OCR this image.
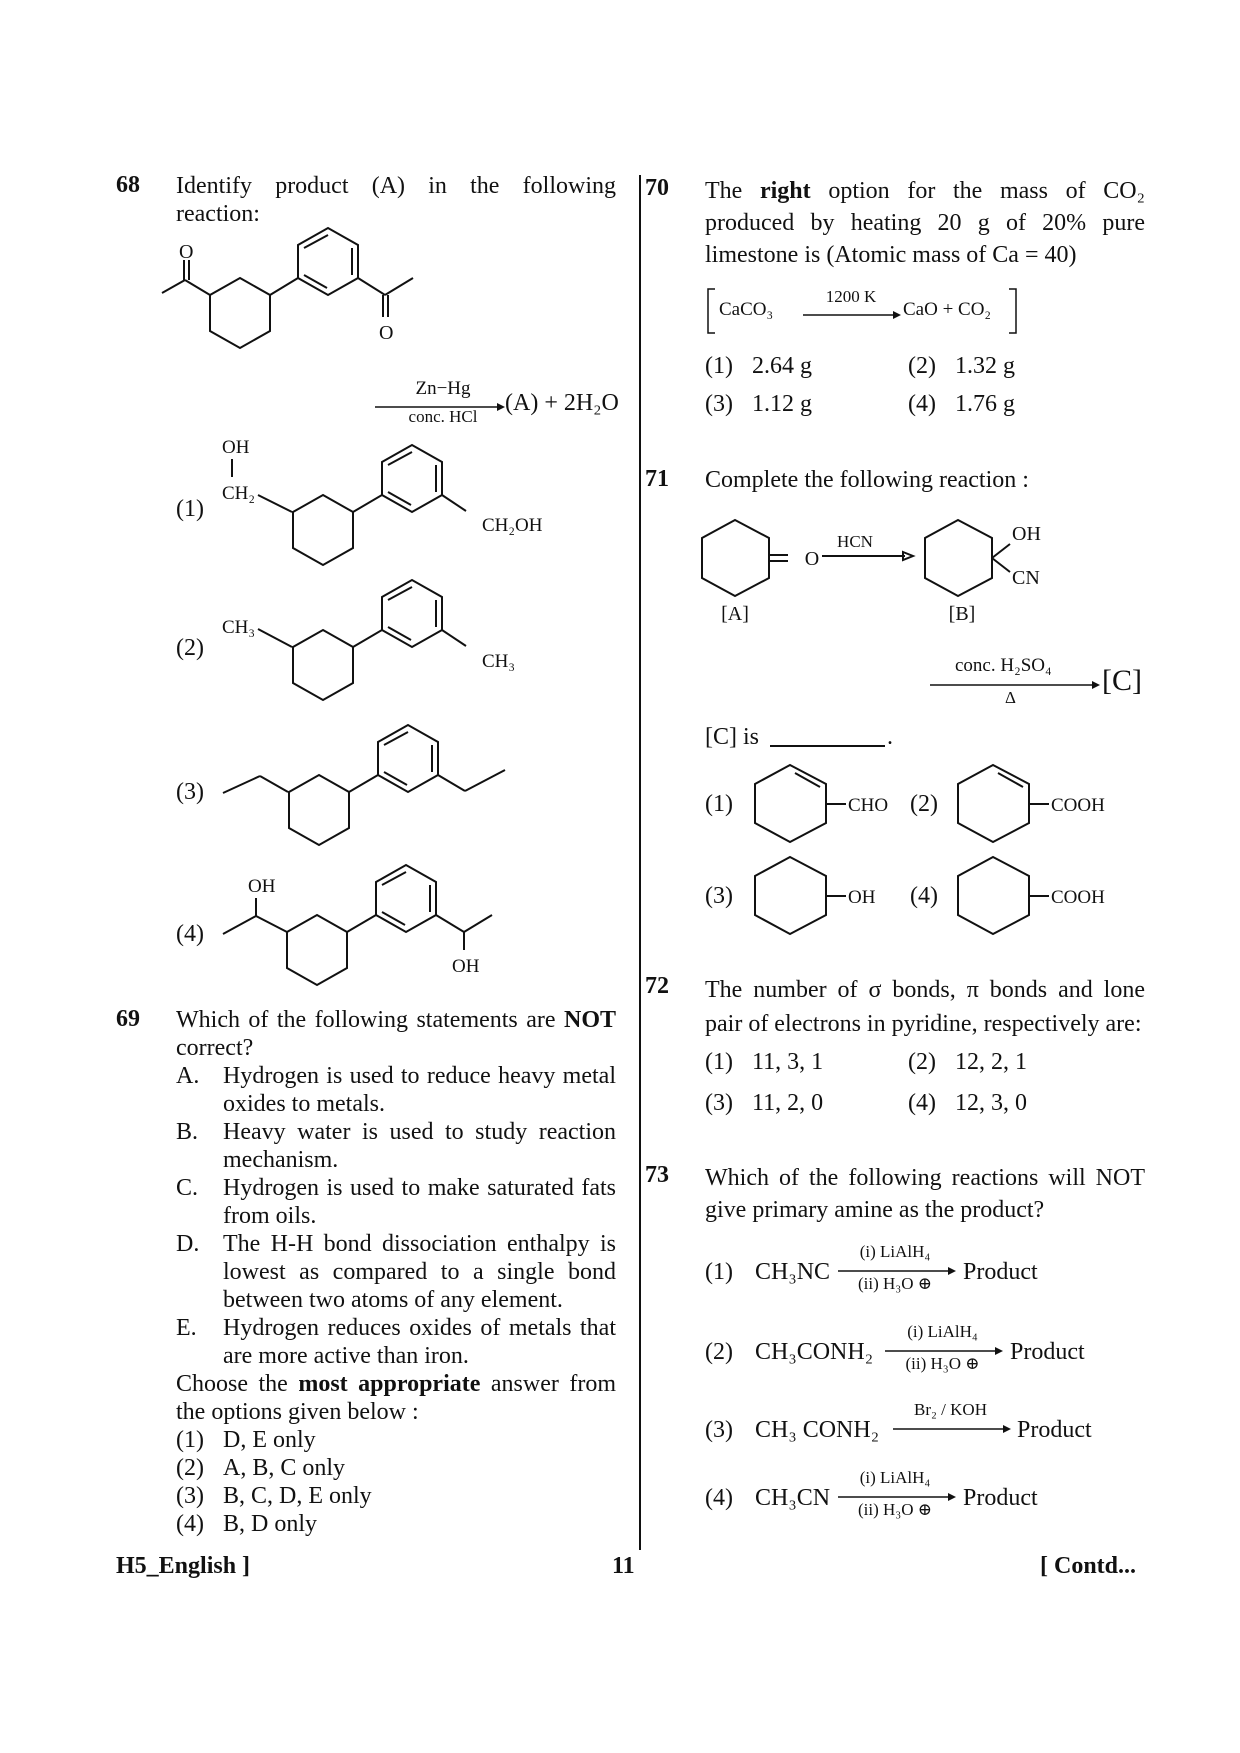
68 Identify product (A) in the following reaction:
O
O
Zn−Hg
conc. HCl
(A) + 2H₂O
(1)
OH
CH₂
CH₂OH
(2)
CH₃
CH₃
(3)
(4)
OH
OH
69 Which of the following statements are NOT correct?
A. Hydrogen is used to reduce heavy metal oxides to metals.
B.	Heavy water is used to study reaction mechanism.
C.	Hydrogen is used to make saturated fats from oils.
D. The H-H bond dissociation enthalpy is lowest as compared to a single bond between two atoms of any element.
E.	Hydrogen reduces oxides of metals that are more active than iron.
Choose the most appropriate answer from the options given below :
(1) D, E only
(2) A, B, C only
(3) B, C, D, E only
(4) B, D only
70 The right option for the mass of CO₂ produced by heating 20 g of 20% pure limestone is (Atomic mass of Ca = 40)
CaCO₃
1200 K
CaO + CO₂
(1) 2.64 g	(2) 1.32 g
(3) 1.12 g	(4) 1.76 g
71 Complete the following reaction :
O
HCN	OH
CN
[A]	[B]
conc. H₂SO₄
Δ
[C]
[C] is	.
(1)	CHO (2)	COOH
(3)	OH (4)	COOH
72 The number of σ bonds, π bonds and lone pair of electrons in pyridine, respectively are:
(1) 11, 3, 1	(2) 12, 2, 1
(3) 11, 2, 0	(4) 12, 3, 0
73 Which of the following reactions will NOT give primary amine as the product?
(1) CH₃NC
(i) LiAlH₄
(ii) H₃O ⊕	Product
(2) CH₃CONH₂
(i) LiAlH₄
(ii) H₃O ⊕	Product
(3) CH₃ CONH₂
Br₂ / KOH
Product
(4) CH₃CN
(i) LiAlH₄
(ii) H₃O ⊕	Product
H5_English ]	11	[ Contd...
